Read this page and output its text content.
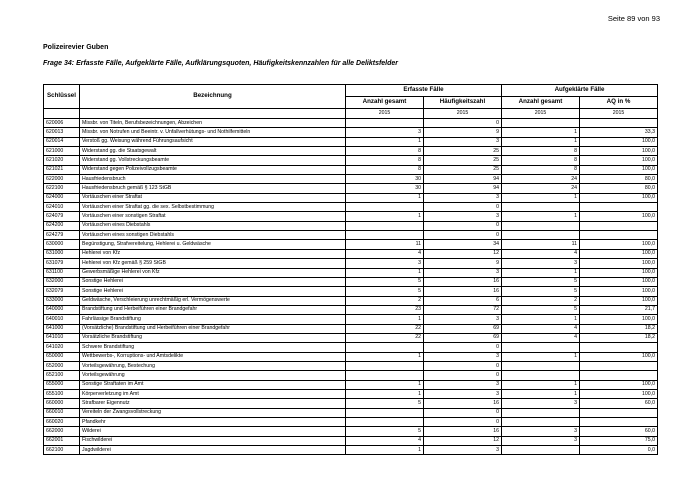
Seite 89 von 93
Polizeirevier Guben
Frage 34: Erfasste Fälle, Aufgeklärte Fälle, Aufklärungsquoten, Häufigkeitskennzahlen für alle Deliktsfelder
Schlüssel	Bezeichnung	Erfasste Fälle		Aufgeklärte Fälle	
		Anzahl gesamt	Häufigkeitszahl	Anzahl gesamt	AQ in %
		2015	2015	2015	2015
620006	Missbr. von Titeln, Berufsbezeichnungen, Abzeichen		0		
620013	Missbr. von Notrufen und Beeintr. v. Unfallverhütungs- und Nothilfemitteln	3	9	1	33,3
620014	Verstoß gg. Weisung während Führungsaufsicht	1	3	1	100,0
621000	Widerstand gg. die Staatsgewalt	8	25	8	100,0
621020	Widerstand gg. Vollstreckungsbeamte	8	25	8	100,0
621021	Widerstand gegen Polizeivollzugsbeamte	8	25	8	100,0
622000	Hausfriedensbruch	30	94	24	80,0
622100	Hausfriedensbruch gemäß § 123 StGB	30	94	24	80,0
624000	Vortäuschen einer Straftat	1	3	1	100,0
624010	Vortäuschen einer Straftat gg. die sex. Selbstbestimmung		0		
624079	Vortäuschen einer sonstigen Straftat	1	3	1	100,0
624200	Vortäuschen eines Diebstahls		0		
624279	Vortäuschen eines sonstigen Diebstahls		0		
630000	Begünstigung, Strafvereitelung, Hehlerei u. Geldwäsche	11	34	11	100,0
631000	Hehlerei von Kfz	4	12	4	100,0
631079	Hehlerei von Kfz gemäß § 259 StGB	3	9	3	100,0
631100	Gewerbsmäßige Hehlerei von Kfz	1	3	1	100,0
632000	Sonstige Hehlerei	5	16	5	100,0
632079	Sonstige Hehlerei	5	16	5	100,0
633000	Geldwäsche, Verschleierung unrechtmäßig erl. Vermögenswerte	2	6	2	100,0
640000	Brandstiftung und Herbeiführen einer Brandgefahr	23	72	5	21,7
640010	Fahrlässige Brandstiftung	1	3	1	100,0
641000	(Vorsätzliche) Brandstiftung und Herbeiführen einer Brandgefahr	22	69	4	18,2
641010	Vorsätzliche Brandstiftung	22	69	4	18,2
641020	Schwere Brandstiftung		0		
650000	Wettbewerbs-, Korruptions- und Amtsdelikte	1	3	1	100,0
652000	Vorteilsgewährung, Bestechung		0		
652100	Vorteilsgewährung		0		
655000	Sonstige Straftaten im Amt	1	3	1	100,0
655100	Körperverletzung im Amt	1	3	1	100,0
660000	Strafbarer Eigennutz	5	16	3	60,0
660010	Vereiteln der Zwangsvollstreckung		0		
660020	Pfandkehr		0		
662000	Wilderei	5	16	3	60,0
662001	Fischwilderei	4	12	3	75,0
662100	Jagdwilderei	1	3		0,0
